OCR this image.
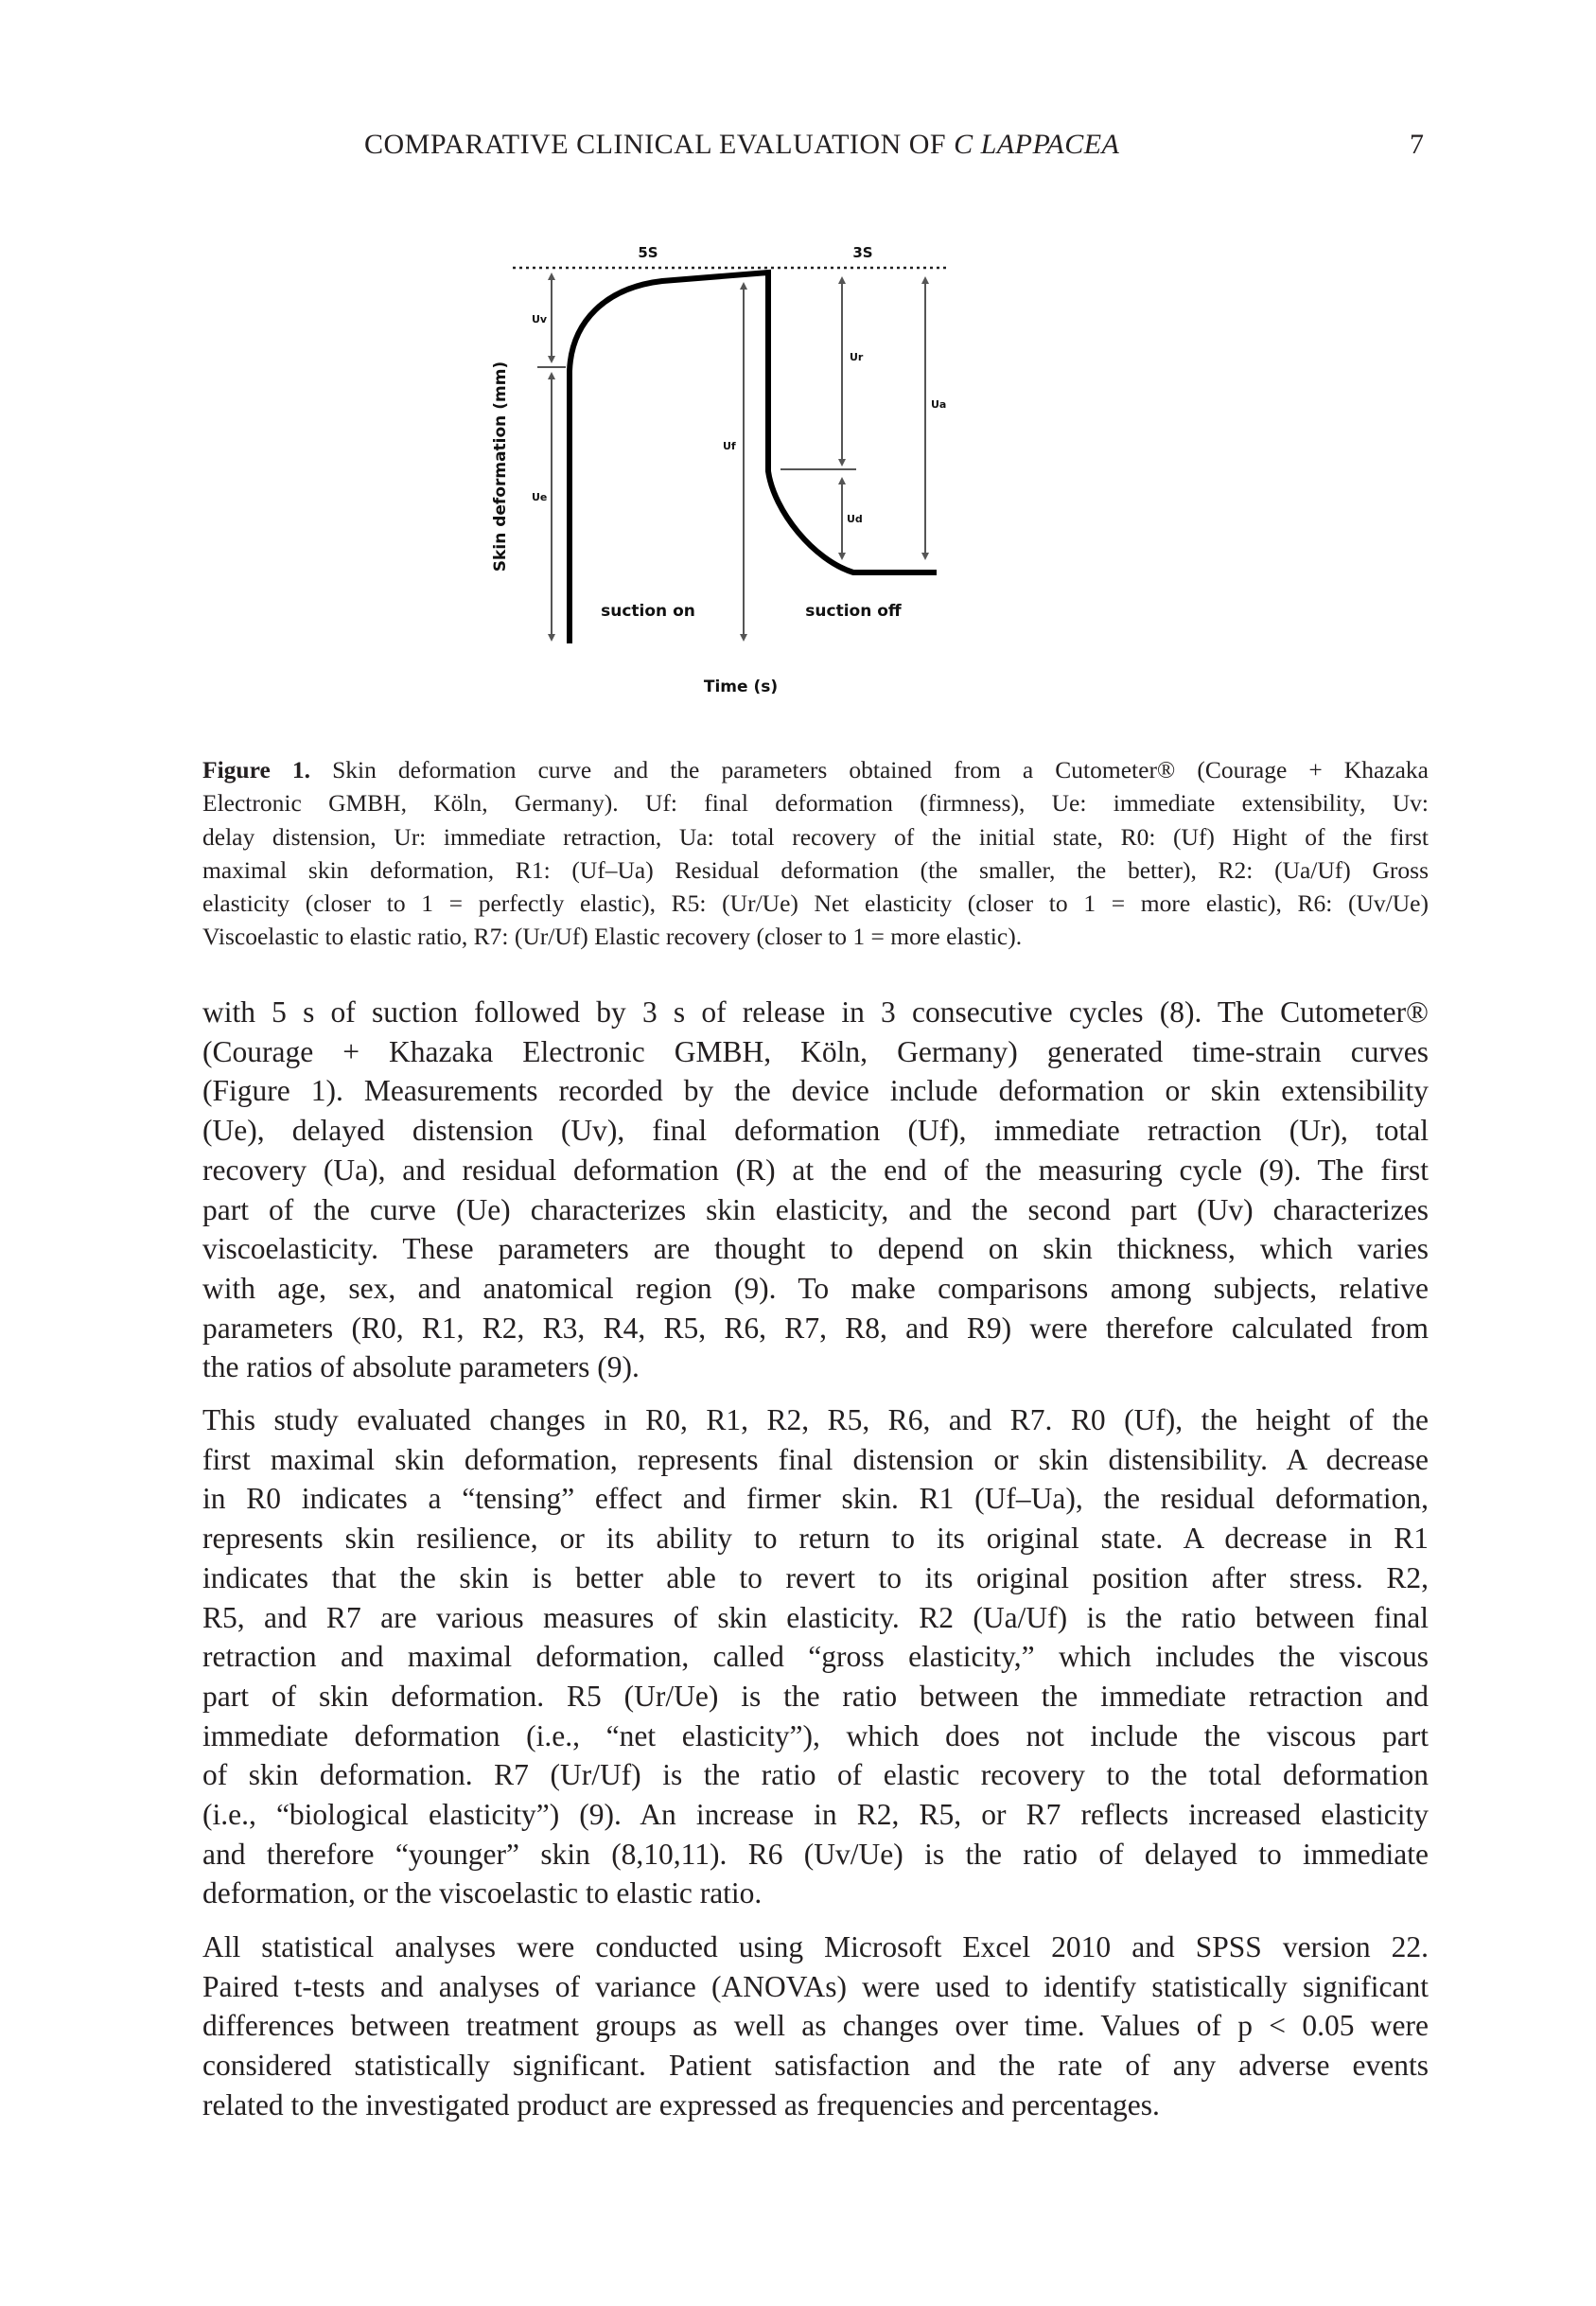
COMPARATIVE CLINICAL EVALUATION OF C LAPPACEA	7
5S	3S
Uv
Ue
Uf
Ur
Ud
Ua
suction on	suction off
Time (s)
Skin deformation (mm)
Figure 1. Skin deformation curve and the parameters obtained from a Cutometer® (Courage + Khazaka
Electronic GMBH, Köln, Germany). Uf: final deformation (firmness), Ue: immediate extensibility, Uv:
delay distension, Ur: immediate retraction, Ua: total recovery of the initial state, R0: (Uf) Hight of the first
maximal skin deformation, R1: (Uf–Ua) Residual deformation (the smaller, the better), R2: (Ua/Uf) Gross
elasticity (closer to 1 = perfectly elastic), R5: (Ur/Ue) Net elasticity (closer to 1 = more elastic), R6: (Uv/Ue)
Viscoelastic to elastic ratio, R7: (Ur/Uf) Elastic recovery (closer to 1 = more elastic).
with 5 s of suction followed by 3 s of release in 3 consecutive cycles (8). The Cutometer®
(Courage + Khazaka Electronic GMBH, Köln, Germany) generated time-strain curves
(Figure 1). Measurements recorded by the device include deformation or skin extensibility
(Ue), delayed distension (Uv), final deformation (Uf), immediate retraction (Ur), total
recovery (Ua), and residual deformation (R) at the end of the measuring cycle (9). The first
part of the curve (Ue) characterizes skin elasticity, and the second part (Uv) characterizes
viscoelasticity. These parameters are thought to depend on skin thickness, which varies
with age, sex, and anatomical region (9). To make comparisons among subjects, relative
parameters (R0, R1, R2, R3, R4, R5, R6, R7, R8, and R9) were therefore calculated from
the ratios of absolute parameters (9).
This study evaluated changes in R0, R1, R2, R5, R6, and R7. R0 (Uf), the height of the
first maximal skin deformation, represents final distension or skin distensibility. A decrease
in R0 indicates a “tensing” effect and firmer skin. R1 (Uf–Ua), the residual deformation,
represents skin resilience, or its ability to return to its original state. A decrease in R1
indicates that the skin is better able to revert to its original position after stress. R2,
R5, and R7 are various measures of skin elasticity. R2 (Ua/Uf) is the ratio between final
retraction and maximal deformation, called “gross elasticity,” which includes the viscous
part of skin deformation. R5 (Ur/Ue) is the ratio between the immediate retraction and
immediate deformation (i.e., “net elasticity”), which does not include the viscous part
of skin deformation. R7 (Ur/Uf) is the ratio of elastic recovery to the total deformation
(i.e., “biological elasticity”) (9). An increase in R2, R5, or R7 reflects increased elasticity
and therefore “younger” skin (8,10,11). R6 (Uv/Ue) is the ratio of delayed to immediate
deformation, or the viscoelastic to elastic ratio.
All statistical analyses were conducted using Microsoft Excel 2010 and SPSS version 22.
Paired t-tests and analyses of variance (ANOVAs) were used to identify statistically significant
differences between treatment groups as well as changes over time. Values of p < 0.05 were
considered statistically significant. Patient satisfaction and the rate of any adverse events
related to the investigated product are expressed as frequencies and percentages.
